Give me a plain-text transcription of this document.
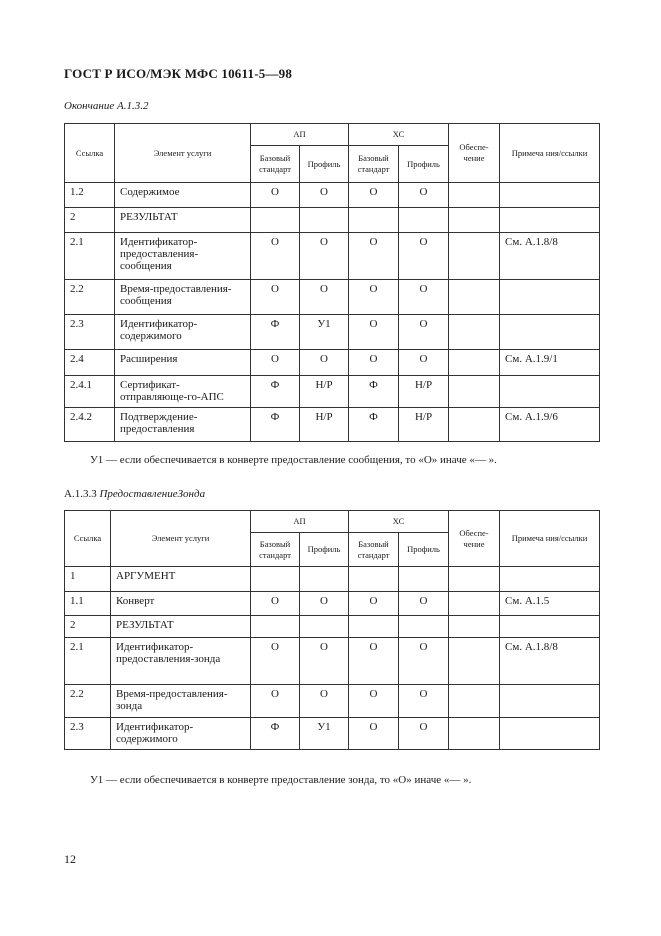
ГОСТ Р ИСО/МЭК МФС 10611-5—98
Окончание А.1.3.2
Ссылка	Элемент услуги	АП		ХС		Обеспе-чение	Примеча ния/ссылки
		Базовый стандарт	Профиль	Базовый стандарт	Профиль		
1.2	Содержимое	О	О	О	О		
2	РЕЗУЛЬТАТ						
2.1	Идентификатор-предоставления-сообщения	О	О	О	О		См. А.1.8/8
2.2	Время-предоставления-сообщения	О	О	О	О		
2.3	Идентификатор-содержимого	Ф	У1	О	О		
2.4	Расширения	О	О	О	О		См. А.1.9/1
2.4.1	Сертификат-отправляюще-го-АПС	Ф	Н/Р	Ф	Н/Р		
2.4.2	Подтверждение-предоставления	Ф	Н/Р	Ф	Н/Р		См. А.1.9/6
У1 — если обеспечивается в конверте предоставление сообщения, то «О» иначе «— ».
А.1.3.3 ПредоставлениеЗонда
Ссылка	Элемент услуги	АП		ХС		Обеспе-чение	Примеча ния/ссылки
		Базовый стандарт	Профиль	Базовый стандарт	Профиль		
1	АРГУМЕНТ						
1.1	Конверт	О	О	О	О		См. А.1.5
2	РЕЗУЛЬТАТ						
2.1	Идентификатор-предоставления-зонда	О	О	О	О		См. А.1.8/8
2.2	Время-предоставления-зонда	О	О	О	О		
2.3	Идентификатор-содержимого	Ф	У1	О	О		
У1 — если обеспечивается в конверте предоставление зонда, то «О» иначе «— ».
12
